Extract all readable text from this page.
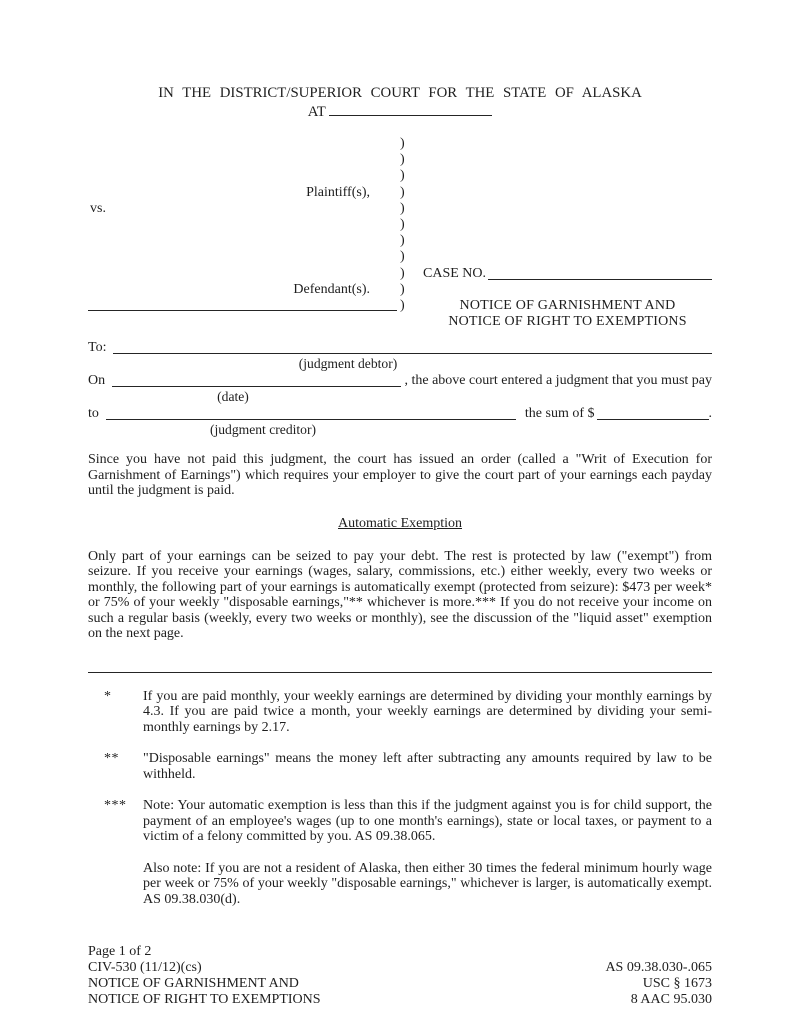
IN THE DISTRICT/SUPERIOR COURT FOR THE STATE OF ALASKA
AT
)
)
)
Plaintiff(s),	)
vs.	)
)
)
)
)	CASE NO.
Defendant(s).	)
)	NOTICE OF GARNISHMENT AND
NOTICE OF RIGHT TO EXEMPTIONS
To:
(judgment debtor)
On	, the above court entered a judgment that you must pay
(date)
to	the sum of $	.
(judgment creditor)

Since you have not paid this judgment, the court has issued an order (called a "Writ of Execution for Garnishment of Earnings") which requires your employer to give the court part of your earnings each payday until the judgment is paid.

Automatic Exemption

Only part of your earnings can be seized to pay your debt. The rest is protected by law ("exempt") from seizure. If you receive your earnings (wages, salary, commissions, etc.) either weekly, every two weeks or monthly, the following part of your earnings is automatically exempt (protected from seizure): $473 per week* or 75% of your weekly "disposable earnings,"** whichever is more.*** If you do not receive your income on such a regular basis (weekly, every two weeks or monthly), see the discussion of the "liquid asset" exemption on the next page.

*	If you are paid monthly, your weekly earnings are determined by dividing your monthly earnings by 4.3. If you are paid twice a month, your weekly earnings are determined by dividing your semi-monthly earnings by 2.17.
**	"Disposable earnings" means the money left after subtracting any amounts required by law to be withheld.
***	Note: Your automatic exemption is less than this if the judgment against you is for child support, the payment of an employee's wages (up to one month's earnings), state or local taxes, or payment to a victim of a felony committed by you. AS 09.38.065.
Also note: If you are not a resident of Alaska, then either 30 times the federal minimum hourly wage per week or 75% of your weekly "disposable earnings," whichever is larger, is automatically exempt. AS 09.38.030(d).
Page 1 of 2
CIV-530 (11/12)(cs)
NOTICE OF GARNISHMENT AND
NOTICE OF RIGHT TO EXEMPTIONS
AS 09.38.030-.065
USC § 1673
8 AAC 95.030
